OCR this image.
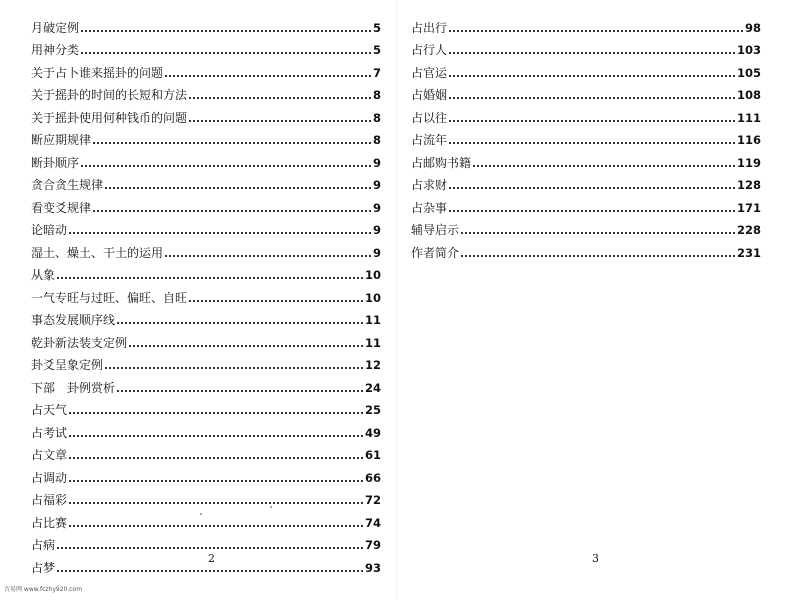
月破定例	5
用神分类	5
关于占卜谁来摇卦的问题	7
关于摇卦的时间的长短和方法	8
关于摇卦使用何种钱币的问题	8
断应期规律	8
断卦顺序	9
贪合贪生规律	9
看变爻规律	9
论暗动	9
湿土、燥土、干土的运用	9
从象	10
一气专旺与过旺、偏旺、自旺	10
事态发展顺序线	11
乾卦新法装支定例	11
卦爻呈象定例	12
下部　卦例赏析	24
占天气	25
占考试	49
占文章	61
占调动	66
占福彩	72
占比赛	74
占病	79
占梦	93
2
占出行	98
占行人	103
占官运	105
占婚姻	108
占以往	111
占流年	116
占邮购书籍	119
占求财	128
占杂事	171
辅导启示	228
作者简介	231
3
古易网 www.fczhy920.com
